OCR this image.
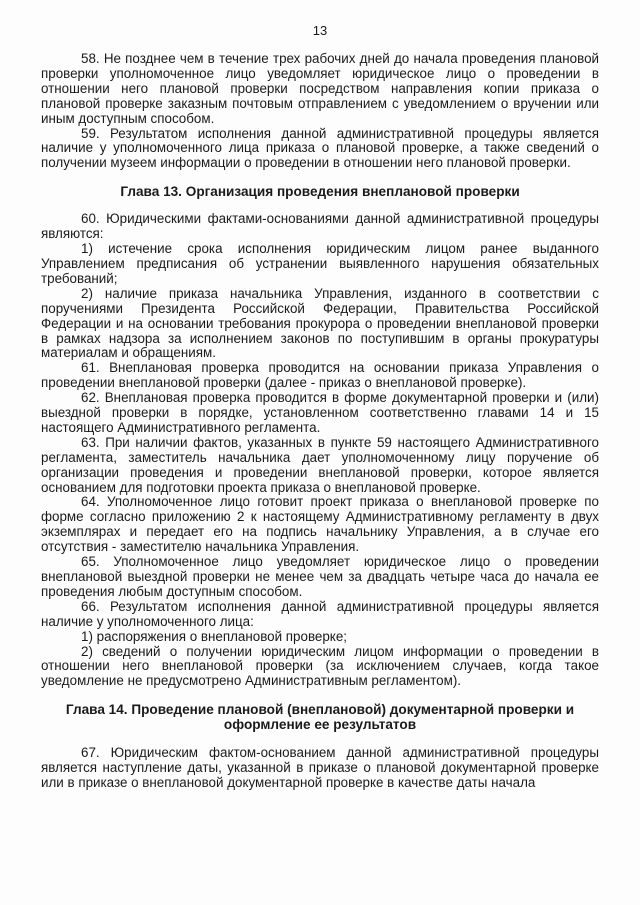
13

58. Не позднее чем в течение трех рабочих дней до начала проведения плановой проверки уполномоченное лицо уведомляет юридическое лицо о проведении в отношении него плановой проверки посредством направления копии приказа о плановой проверке заказным почтовым отправлением с уведомлением о вручении или иным доступным способом.

59. Результатом исполнения данной административной процедуры является наличие у уполномоченного лица приказа о плановой проверке, а также сведений о получении музеем информации о проведении в отношении него плановой проверки.

Глава 13. Организация проведения внеплановой проверки

60. Юридическими фактами-основаниями данной административной процедуры являются:

1) истечение срока исполнения юридическим лицом ранее выданного Управлением предписания об устранении выявленного нарушения обязательных требований;

2) наличие приказа начальника Управления, изданного в соответствии с поручениями Президента Российской Федерации, Правительства Российской Федерации и на основании требования прокурора о проведении внеплановой проверки в рамках надзора за исполнением законов по поступившим в органы прокуратуры материалам и обращениям.

61. Внеплановая проверка проводится на основании приказа Управления о проведении внеплановой проверки (далее - приказ о внеплановой проверке).

62. Внеплановая проверка проводится в форме документарной проверки и (или) выездной проверки в порядке, установленном соответственно главами 14 и 15 настоящего Административного регламента.

63. При наличии фактов, указанных в пункте 59 настоящего Административного регламента, заместитель начальника дает уполномоченному лицу поручение об организации проведения и проведении внеплановой проверки, которое является основанием для подготовки проекта приказа о внеплановой проверке.

64. Уполномоченное лицо готовит проект приказа о внеплановой проверке по форме согласно приложению 2 к настоящему Административному регламенту в двух экземплярах и передает его на подпись начальнику Управления, а в случае его отсутствия - заместителю начальника Управления.

65. Уполномоченное лицо уведомляет юридическое лицо о проведении внеплановой выездной проверки не менее чем за двадцать четыре часа до начала ее проведения любым доступным способом.

66. Результатом исполнения данной административной процедуры является наличие у уполномоченного лица:

1) распоряжения о внеплановой проверке;

2) сведений о получении юридическим лицом информации о проведении в отношении него внеплановой проверки (за исключением случаев, когда такое уведомление не предусмотрено Административным регламентом).

Глава 14. Проведение плановой (внеплановой) документарной проверки и оформление ее результатов

67. Юридическим фактом-основанием данной административной процедуры является наступление даты, указанной в приказе о плановой документарной проверке или в приказе о внеплановой документарной проверке в качестве даты начала
